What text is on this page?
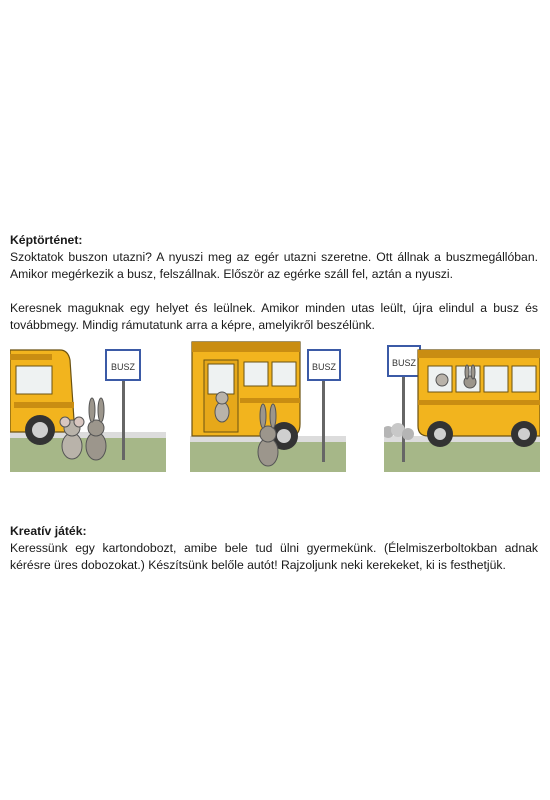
Képtörténet:

Szoktatok buszon utazni? A nyuszi meg az egér utazni szeretne. Ott állnak a buszmegállóban. Amikor megérkezik a busz, felszállnak. Először az egérke száll fel, aztán a nyuszi.

Keresnek maguknak egy helyet és leülnek. Amikor minden utas leült, újra elindul a busz és továbbmegy. Mindig rámutatunk arra a képre, amelyikről beszélünk.

BUSZ	BUSZ	BUSZ

Kreatív játék:

Keressünk egy kartondobozt, amibe bele tud ülni gyermekünk. (Élelmiszerboltokban adnak kérésre üres dobozokat.) Készítsünk belőle autót! Rajzoljunk neki kerekeket, ki is festhetjük.
